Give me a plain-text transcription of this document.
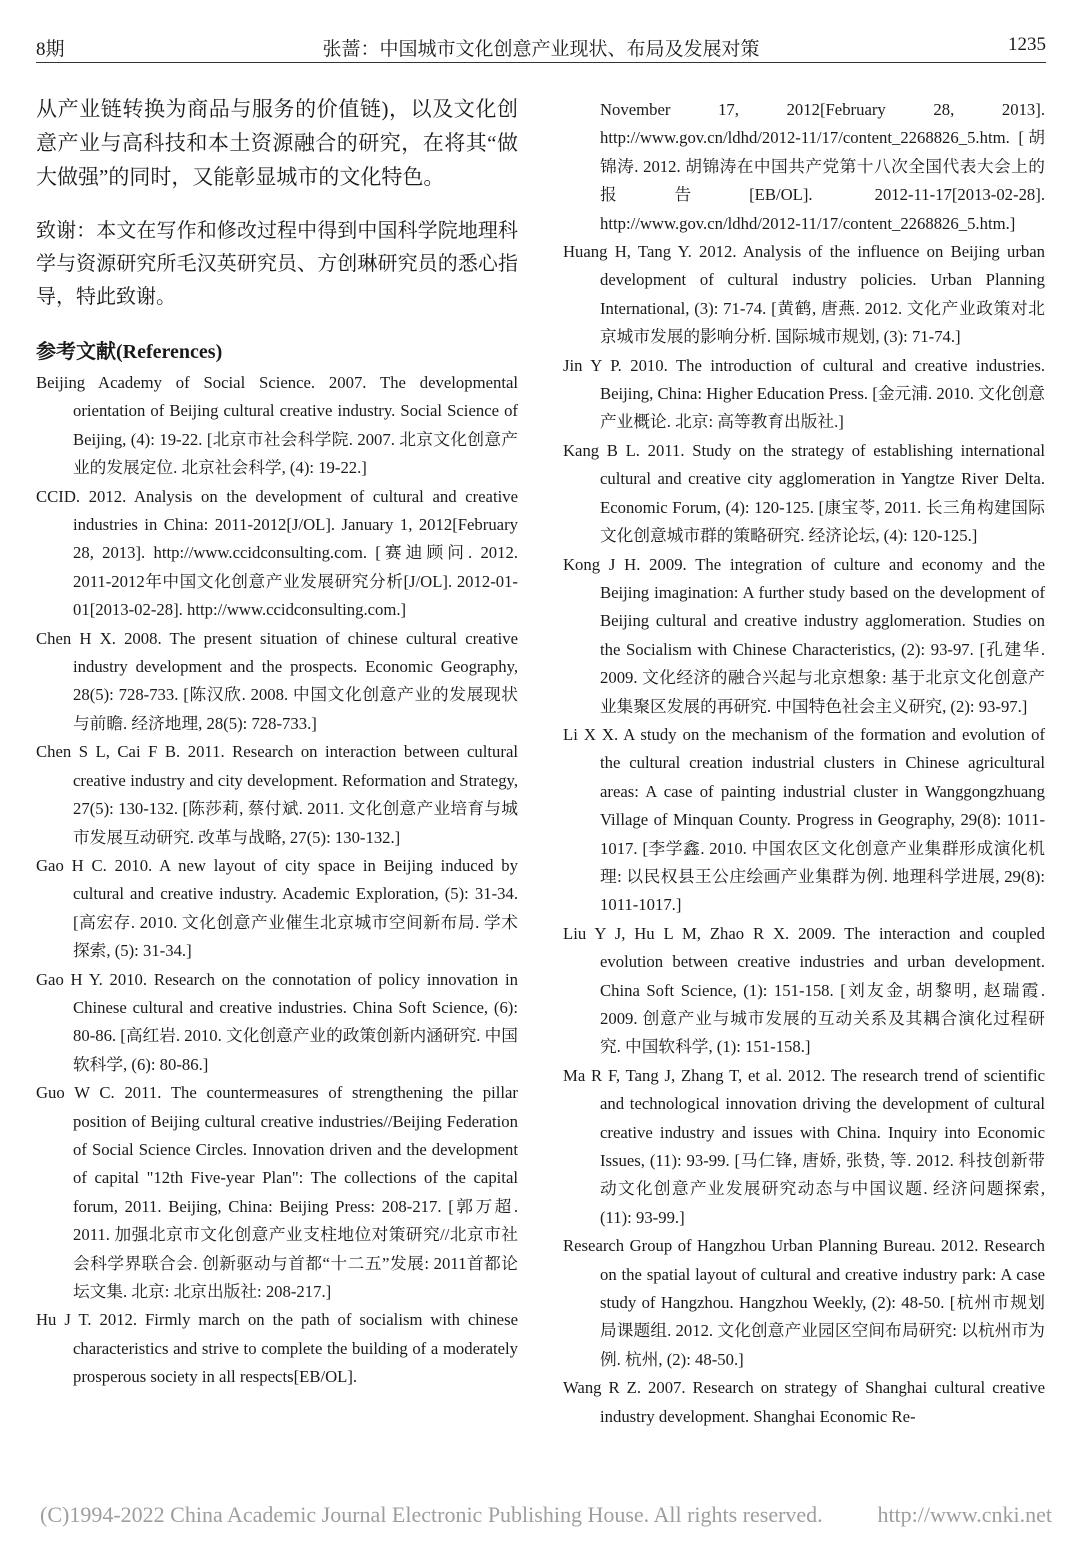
8期	张蔷：中国城市文化创意产业现状、布局及发展对策	1235

从产业链转换为商品与服务的价值链)，以及文化创意产业与高科技和本土资源融合的研究，在将其“做大做强”的同时，又能彰显城市的文化特色。

致谢：本文在写作和修改过程中得到中国科学院地理科学与资源研究所毛汉英研究员、方创琳研究员的悉心指导，特此致谢。

参考文献(References)

Beijing Academy of Social Science. 2007. The developmental orientation of Beijing cultural creative industry. Social Science of Beijing, (4): 19-22. [北京市社会科学院. 2007. 北京文化创意产业的发展定位. 北京社会科学, (4): 19-22.]

CCID. 2012. Analysis on the development of cultural and creative industries in China: 2011-2012[J/OL]. January 1, 2012[February 28, 2013]. http://www.ccidconsulting.com. [赛迪顾问. 2012. 2011-2012年中国文化创意产业发展研究分析[J/OL]. 2012-01-01[2013-02-28]. http://www.ccidconsulting.com.]

Chen H X. 2008. The present situation of chinese cultural creative industry development and the prospects. Economic Geography, 28(5): 728-733. [陈汉欣. 2008. 中国文化创意产业的发展现状与前瞻. 经济地理, 28(5): 728-733.]

Chen S L, Cai F B. 2011. Research on interaction between cultural creative industry and city development. Reformation and Strategy, 27(5): 130-132. [陈莎莉, 蔡付斌. 2011. 文化创意产业培育与城市发展互动研究. 改革与战略, 27(5): 130-132.]

Gao H C. 2010. A new layout of city space in Beijing induced by cultural and creative industry. Academic Exploration, (5): 31-34. [高宏存. 2010. 文化创意产业催生北京城市空间新布局. 学术探索, (5): 31-34.]

Gao H Y. 2010. Research on the connotation of policy innovation in Chinese cultural and creative industries. China Soft Science, (6): 80-86. [高红岩. 2010. 文化创意产业的政策创新内涵研究. 中国软科学, (6): 80-86.]

Guo W C. 2011. The countermeasures of strengthening the pillar position of Beijing cultural creative industries//Beijing Federation of Social Science Circles. Innovation driven and the development of capital "12th Five-year Plan": The collections of the capital forum, 2011. Beijing, China: Beijing Press: 208-217. [郭万超. 2011. 加强北京市文化创意产业支柱地位对策研究//北京市社会科学界联合会. 创新驱动与首都“十二五”发展: 2011首都论坛文集. 北京: 北京出版社: 208-217.]

Hu J T. 2012. Firmly march on the path of socialism with chinese characteristics and strive to complete the building of a moderately prosperous society in all respects[EB/OL].

November 17, 2012[February 28, 2013]. http://www.gov.cn/ldhd/2012-11/17/content_2268826_5.htm. [胡锦涛. 2012. 胡锦涛在中国共产党第十八次全国代表大会上的报告[EB/OL]. 2012-11-17[2013-02-28]. http://www.gov.cn/ldhd/2012-11/17/content_2268826_5.htm.]

Huang H, Tang Y. 2012. Analysis of the influence on Beijing urban development of cultural industry policies. Urban Planning International, (3): 71-74. [黄鹤, 唐燕. 2012. 文化产业政策对北京城市发展的影响分析. 国际城市规划, (3): 71-74.]

Jin Y P. 2010. The introduction of cultural and creative industries. Beijing, China: Higher Education Press. [金元浦. 2010. 文化创意产业概论. 北京: 高等教育出版社.]

Kang B L. 2011. Study on the strategy of establishing international cultural and creative city agglomeration in Yangtze River Delta. Economic Forum, (4): 120-125. [康宝苓, 2011. 长三角构建国际文化创意城市群的策略研究. 经济论坛, (4): 120-125.]

Kong J H. 2009. The integration of culture and economy and the Beijing imagination: A further study based on the development of Beijing cultural and creative industry agglomeration. Studies on the Socialism with Chinese Characteristics, (2): 93-97. [孔建华. 2009. 文化经济的融合兴起与北京想象: 基于北京文化创意产业集聚区发展的再研究. 中国特色社会主义研究, (2): 93-97.]

Li X X. A study on the mechanism of the formation and evolution of the cultural creation industrial clusters in Chinese agricultural areas: A case of painting industrial cluster in Wanggongzhuang Village of Minquan County. Progress in Geography, 29(8): 1011-1017. [李学鑫. 2010. 中国农区文化创意产业集群形成演化机理: 以民权县王公庄绘画产业集群为例. 地理科学进展, 29(8): 1011-1017.]

Liu Y J, Hu L M, Zhao R X. 2009. The interaction and coupled evolution between creative industries and urban development. China Soft Science, (1): 151-158. [刘友金, 胡黎明, 赵瑞霞. 2009. 创意产业与城市发展的互动关系及其耦合演化过程研究. 中国软科学, (1): 151-158.]

Ma R F, Tang J, Zhang T, et al. 2012. The research trend of scientific and technological innovation driving the development of cultural creative industry and issues with China. Inquiry into Economic Issues, (11): 93-99. [马仁锋, 唐娇, 张贽, 等. 2012. 科技创新带动文化创意产业发展研究动态与中国议题. 经济问题探索, (11): 93-99.]

Research Group of Hangzhou Urban Planning Bureau. 2012. Research on the spatial layout of cultural and creative industry park: A case study of Hangzhou. Hangzhou Weekly, (2): 48-50. [杭州市规划局课题组. 2012. 文化创意产业园区空间布局研究: 以杭州市为例. 杭州, (2): 48-50.]

Wang R Z. 2007. Research on strategy of Shanghai cultural creative industry development. Shanghai Economic Re-

(C)1994-2022 China Academic Journal Electronic Publishing House. All rights reserved. http://www.cnki.net
